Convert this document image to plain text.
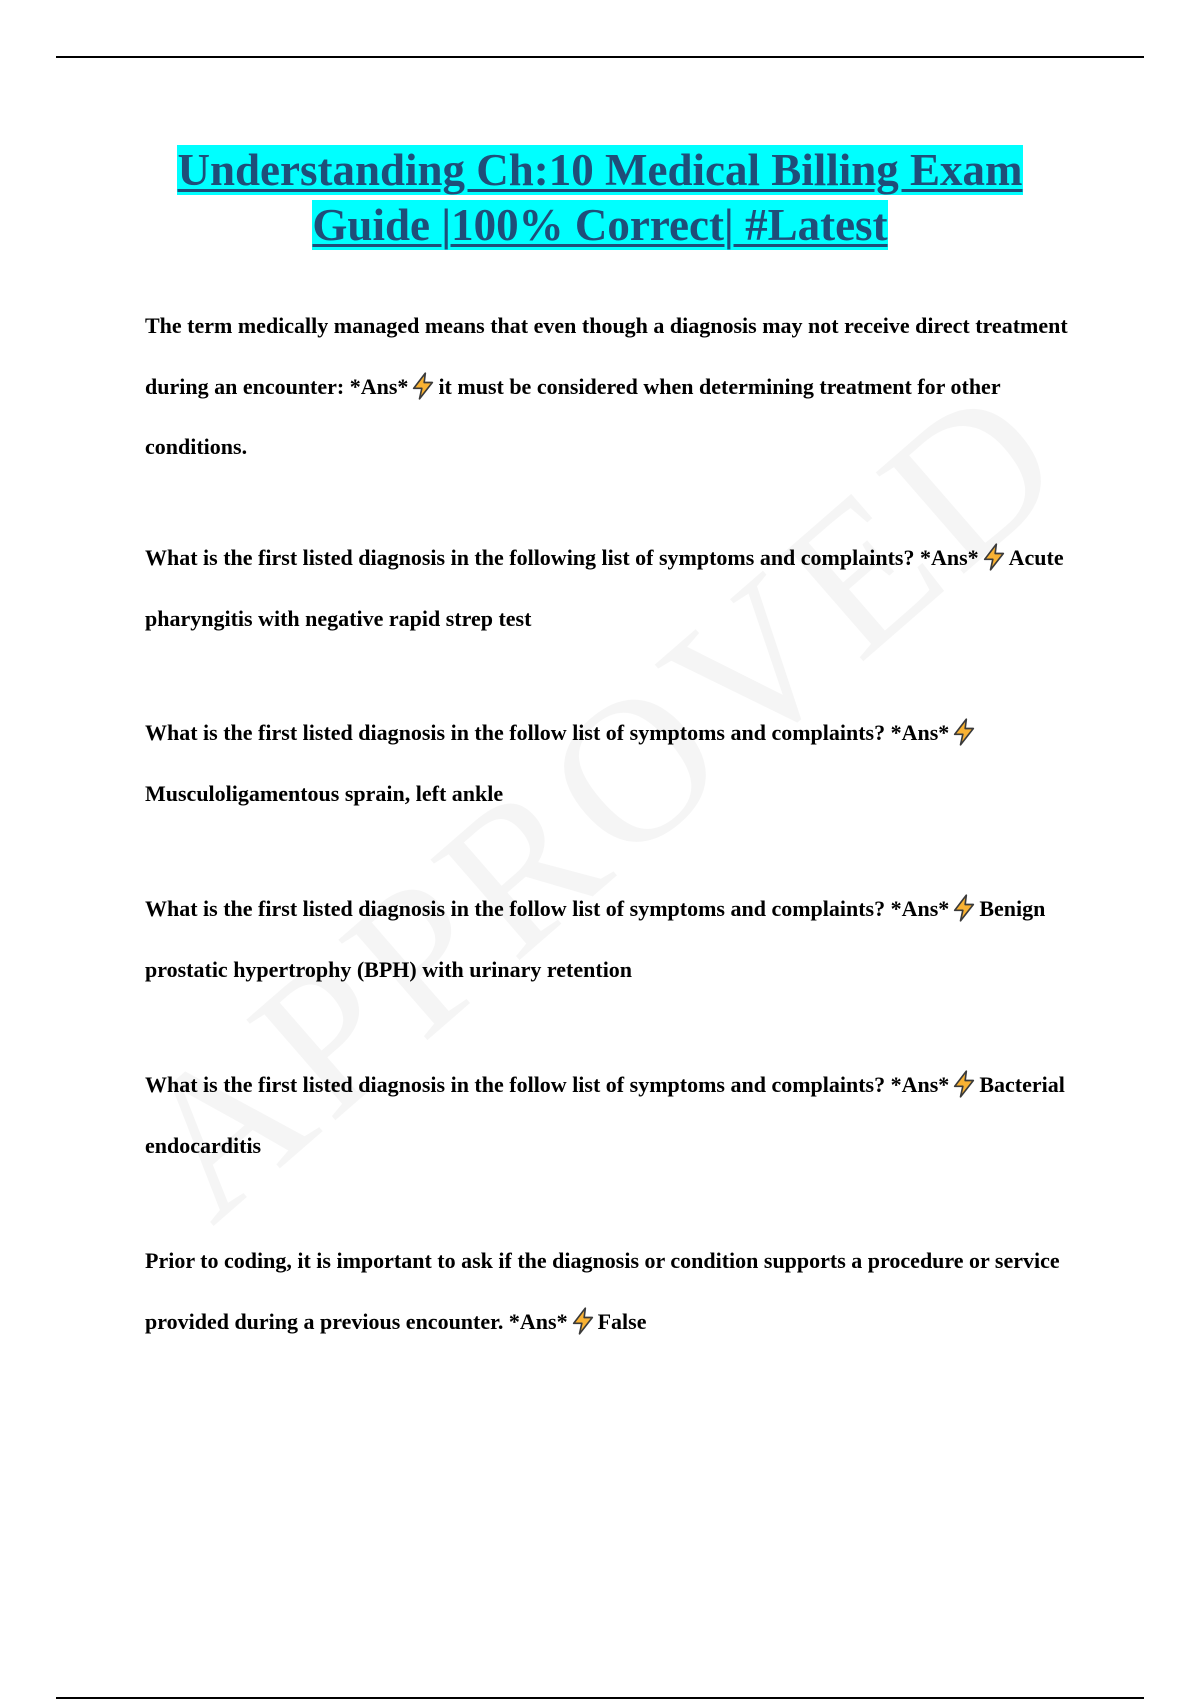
Understanding Ch:10 Medical Billing Exam
Guide |100% Correct| #Latest

The term medically managed means that even though a diagnosis may not receive direct treatment during an encounter: *Ans* it must be considered when determining treatment for other conditions.

What is the first listed diagnosis in the following list of symptoms and complaints? *Ans* Acute pharyngitis with negative rapid strep test

What is the first listed diagnosis in the follow list of symptoms and complaints? *Ans*Musculoligamentous sprain, left ankle

What is the first listed diagnosis in the follow list of symptoms and complaints? *Ans* Benign prostatic hypertrophy (BPH) with urinary retention

What is the first listed diagnosis in the follow list of symptoms and complaints? *Ans* Bacterial endocarditis

Prior to coding, it is important to ask if the diagnosis or condition supports a procedure or service provided during a previous encounter. *Ans* False
